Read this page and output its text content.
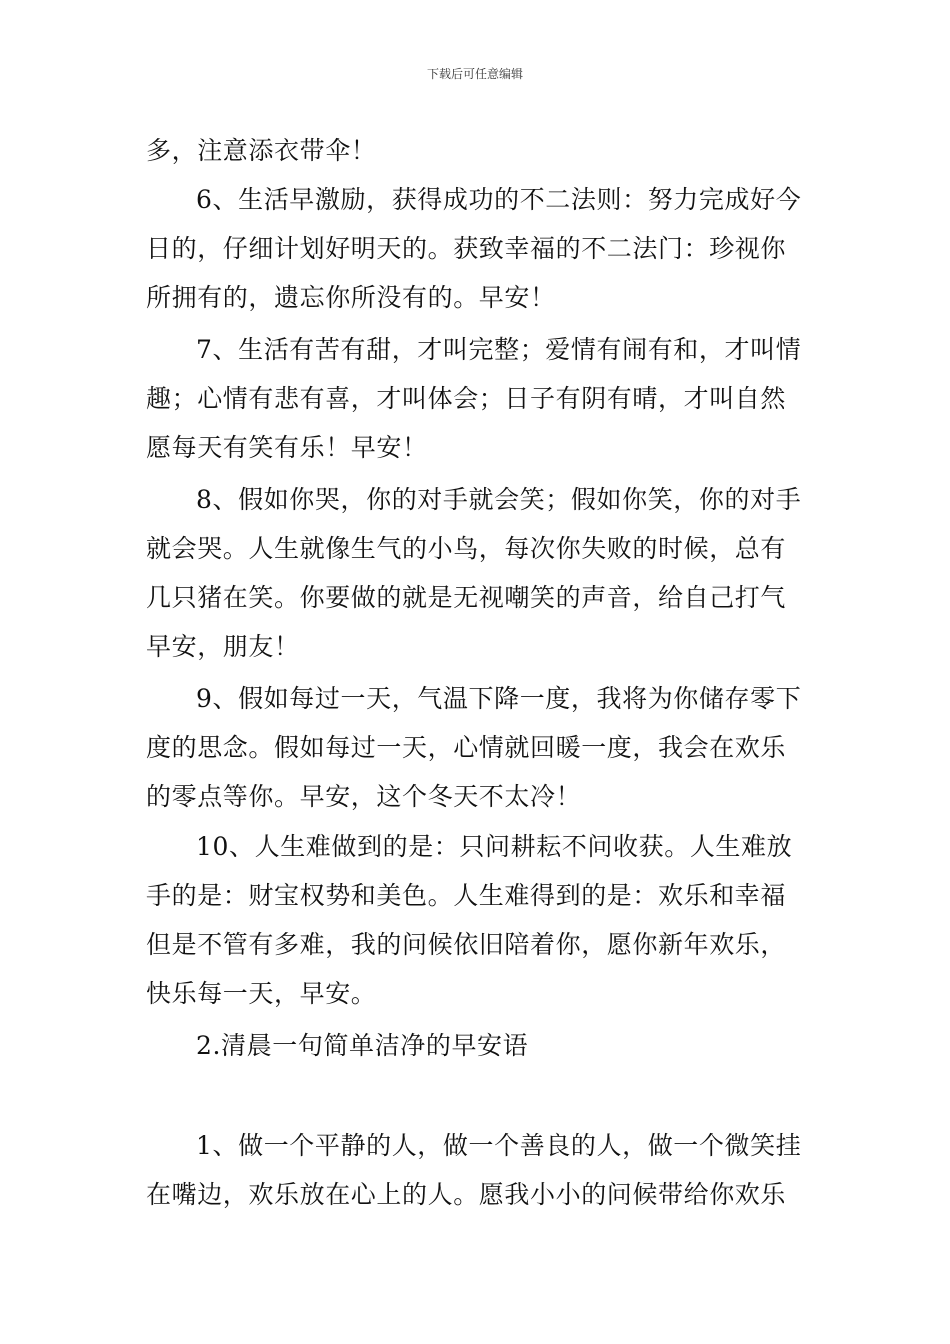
下载后可任意编辑
多，注意添衣带伞！
6、生活早激励，获得成功的不二法则：努力完成好今
日的，仔细计划好明天的。获致幸福的不二法门：珍视你
所拥有的，遗忘你所没有的。早安！
7、生活有苦有甜，才叫完整；爱情有闹有和，才叫情
趣；心情有悲有喜，才叫体会；日子有阴有晴，才叫自然
愿每天有笑有乐！早安！
8、假如你哭，你的对手就会笑；假如你笑，你的对手
就会哭。人生就像生气的小鸟，每次你失败的时候，总有
几只猪在笑。你要做的就是无视嘲笑的声音，给自己打气
早安，朋友！
9、假如每过一天，气温下降一度，我将为你储存零下
度的思念。假如每过一天，心情就回暖一度，我会在欢乐
的零点等你。早安，这个冬天不太冷！
10、人生难做到的是：只问耕耘不问收获。人生难放
手的是：财宝权势和美色。人生难得到的是：欢乐和幸福
但是不管有多难，我的问候依旧陪着你，愿你新年欢乐，
快乐每一天，早安。
2.清晨一句简单洁净的早安语
1、做一个平静的人，做一个善良的人，做一个微笑挂
在嘴边，欢乐放在心上的人。愿我小小的问候带给你欢乐
